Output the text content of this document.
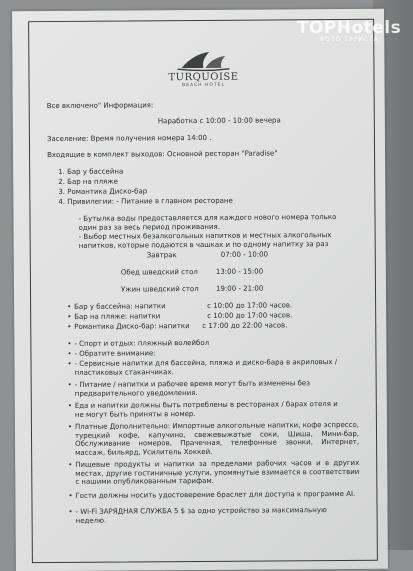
TURQUOISE
BEACH HOTEL
Все включено" Информация:
Наработка с 10:00 - 10:00 вечера
Заселение: Время получения номера 14:00 .
Входящие в комплект выходов: Основной ресторан "Paradise"
1. Бар у бассейна
2. Бар на пляже
3. Романтика Диско-бар
4. Привилегии: - Питание в главном ресторане
- Бутылка воды предоставляется для каждого нового номера только
один раз за весь период проживания.
- Выбор местных безалкогольных напитков и местных алкогольных
напитков, которые подаются в чашках и по одному напитку за раз
Завтрак	07:00 - 10:00
Обед шведский стол	13:00 - 15:00
Ужин шведский стол 19:00 - 21:00
• Бар у бассейна: напитки	с 10:00 до 17:00 часов.
• Бар на пляже: напитки	с 10:00 до 17:00 часов.
• Романтика Диско-бар: напитки с 17:00 до 22:00 часов.
• - Спорт и отдых: пляжный волейбол
• - Обратите внимание:
• - Сервисные напитки для бассейна, пляжа и диско-бара в акриловых / пластиковых стаканчиках.
• - Питание / напитки и рабочее время могут быть изменены без предварительного уведомления.
• Еда и напитки должны быть потреблены в ресторанах / барах отеля и не могут быть приняты в номер.
• Платные Дополнительно: Импортные алкогольные напитки, кофе эспрессо, турецкий кофе, капучино, свежевыжатые соки, Шиша, Мини-бар, Обслуживание номеров, Прачечная, телефонные звонки, Интернет, массаж, бильярд, Усилитель Хоккей.
• Пищевые продукты и напитки за пределами рабочих часов и в других местах, другие гостиничные услуги, упомянутые взимается в соответствии с нашими опубликованным тарифам.
• Гости должны носить удостоверение браслет для доступа к программе AI.
• - Wi-Fi ЗАРЯДНАЯ СЛУЖБА 5 $ за одно устройство за максимальную неделю.
TOPHotels
ФОТО ТУРИСТА
